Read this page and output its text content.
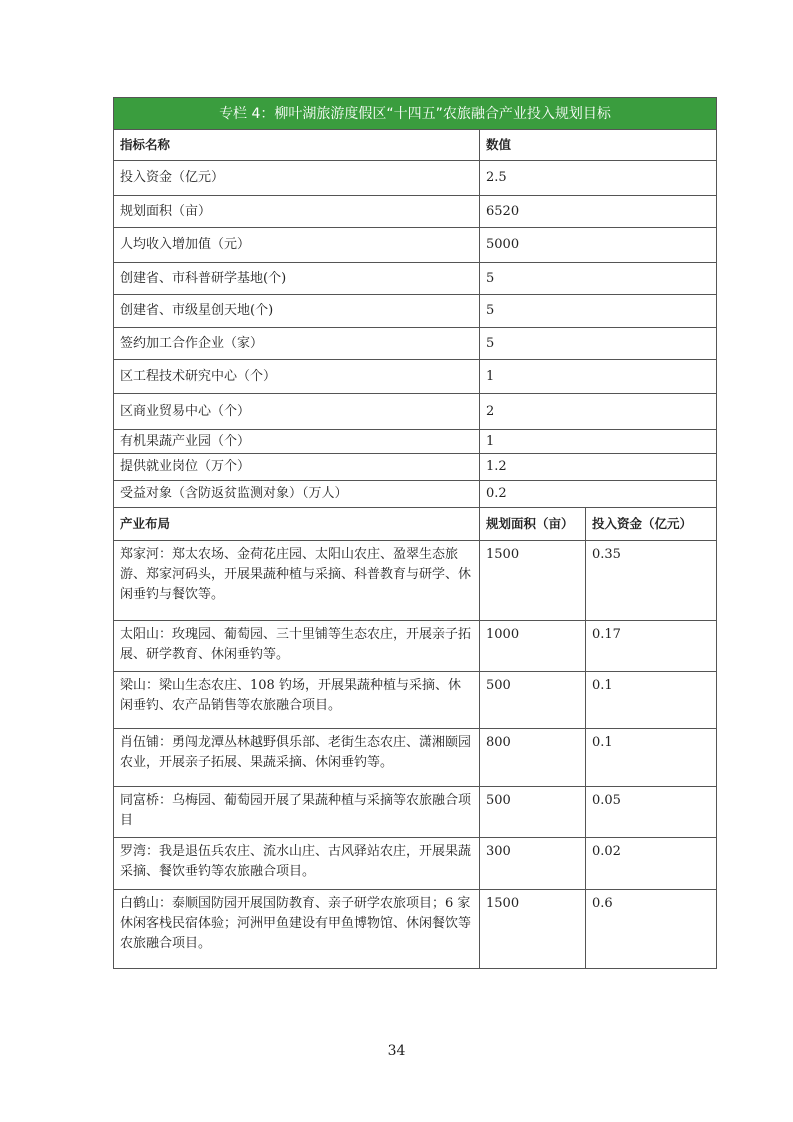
专栏 4：柳叶湖旅游度假区“十四五”农旅融合产业投入规划目标		
指标名称	数值	
投入资金（亿元）	2.5	
规划面积（亩）	6520	
人均收入增加值（元）	5000	
创建省、市科普研学基地(个)	5	
创建省、市级星创天地(个)	5	
签约加工合作企业（家）	5	
区工程技术研究中心（个）	1	
区商业贸易中心（个）	2	
有机果蔬产业园（个）	1	
提供就业岗位（万个）	1.2	
受益对象（含防返贫监测对象）（万人）	0.2	
产业布局	规划面积（亩）	投入资金（亿元）
郑家河：郑太农场、金荷花庄园、太阳山农庄、盈翠生态旅游、郑家河码头，开展果蔬种植与采摘、科普教育与研学、休闲垂钓与餐饮等。	1500	0.35
太阳山：玫瑰园、葡萄园、三十里铺等生态农庄，开展亲子拓展、研学教育、休闲垂钓等。	1000	0.17
梁山：梁山生态农庄、108 钓场，开展果蔬种植与采摘、休闲垂钓、农产品销售等农旅融合项目。	500	0.1
肖伍铺：勇闯龙潭丛林越野俱乐部、老街生态农庄、潇湘颐园农业，开展亲子拓展、果蔬采摘、休闲垂钓等。	800	0.1
同富桥：乌梅园、葡萄园开展了果蔬种植与采摘等农旅融合项目	500	0.05
罗湾：我是退伍兵农庄、流水山庄、古风驿站农庄，开展果蔬采摘、餐饮垂钓等农旅融合项目。	300	0.02
白鹤山：泰顺国防园开展国防教育、亲子研学农旅项目；6 家休闲客栈民宿体验；河洲甲鱼建设有甲鱼博物馆、休闲餐饮等农旅融合项目。	1500	0.6
34
